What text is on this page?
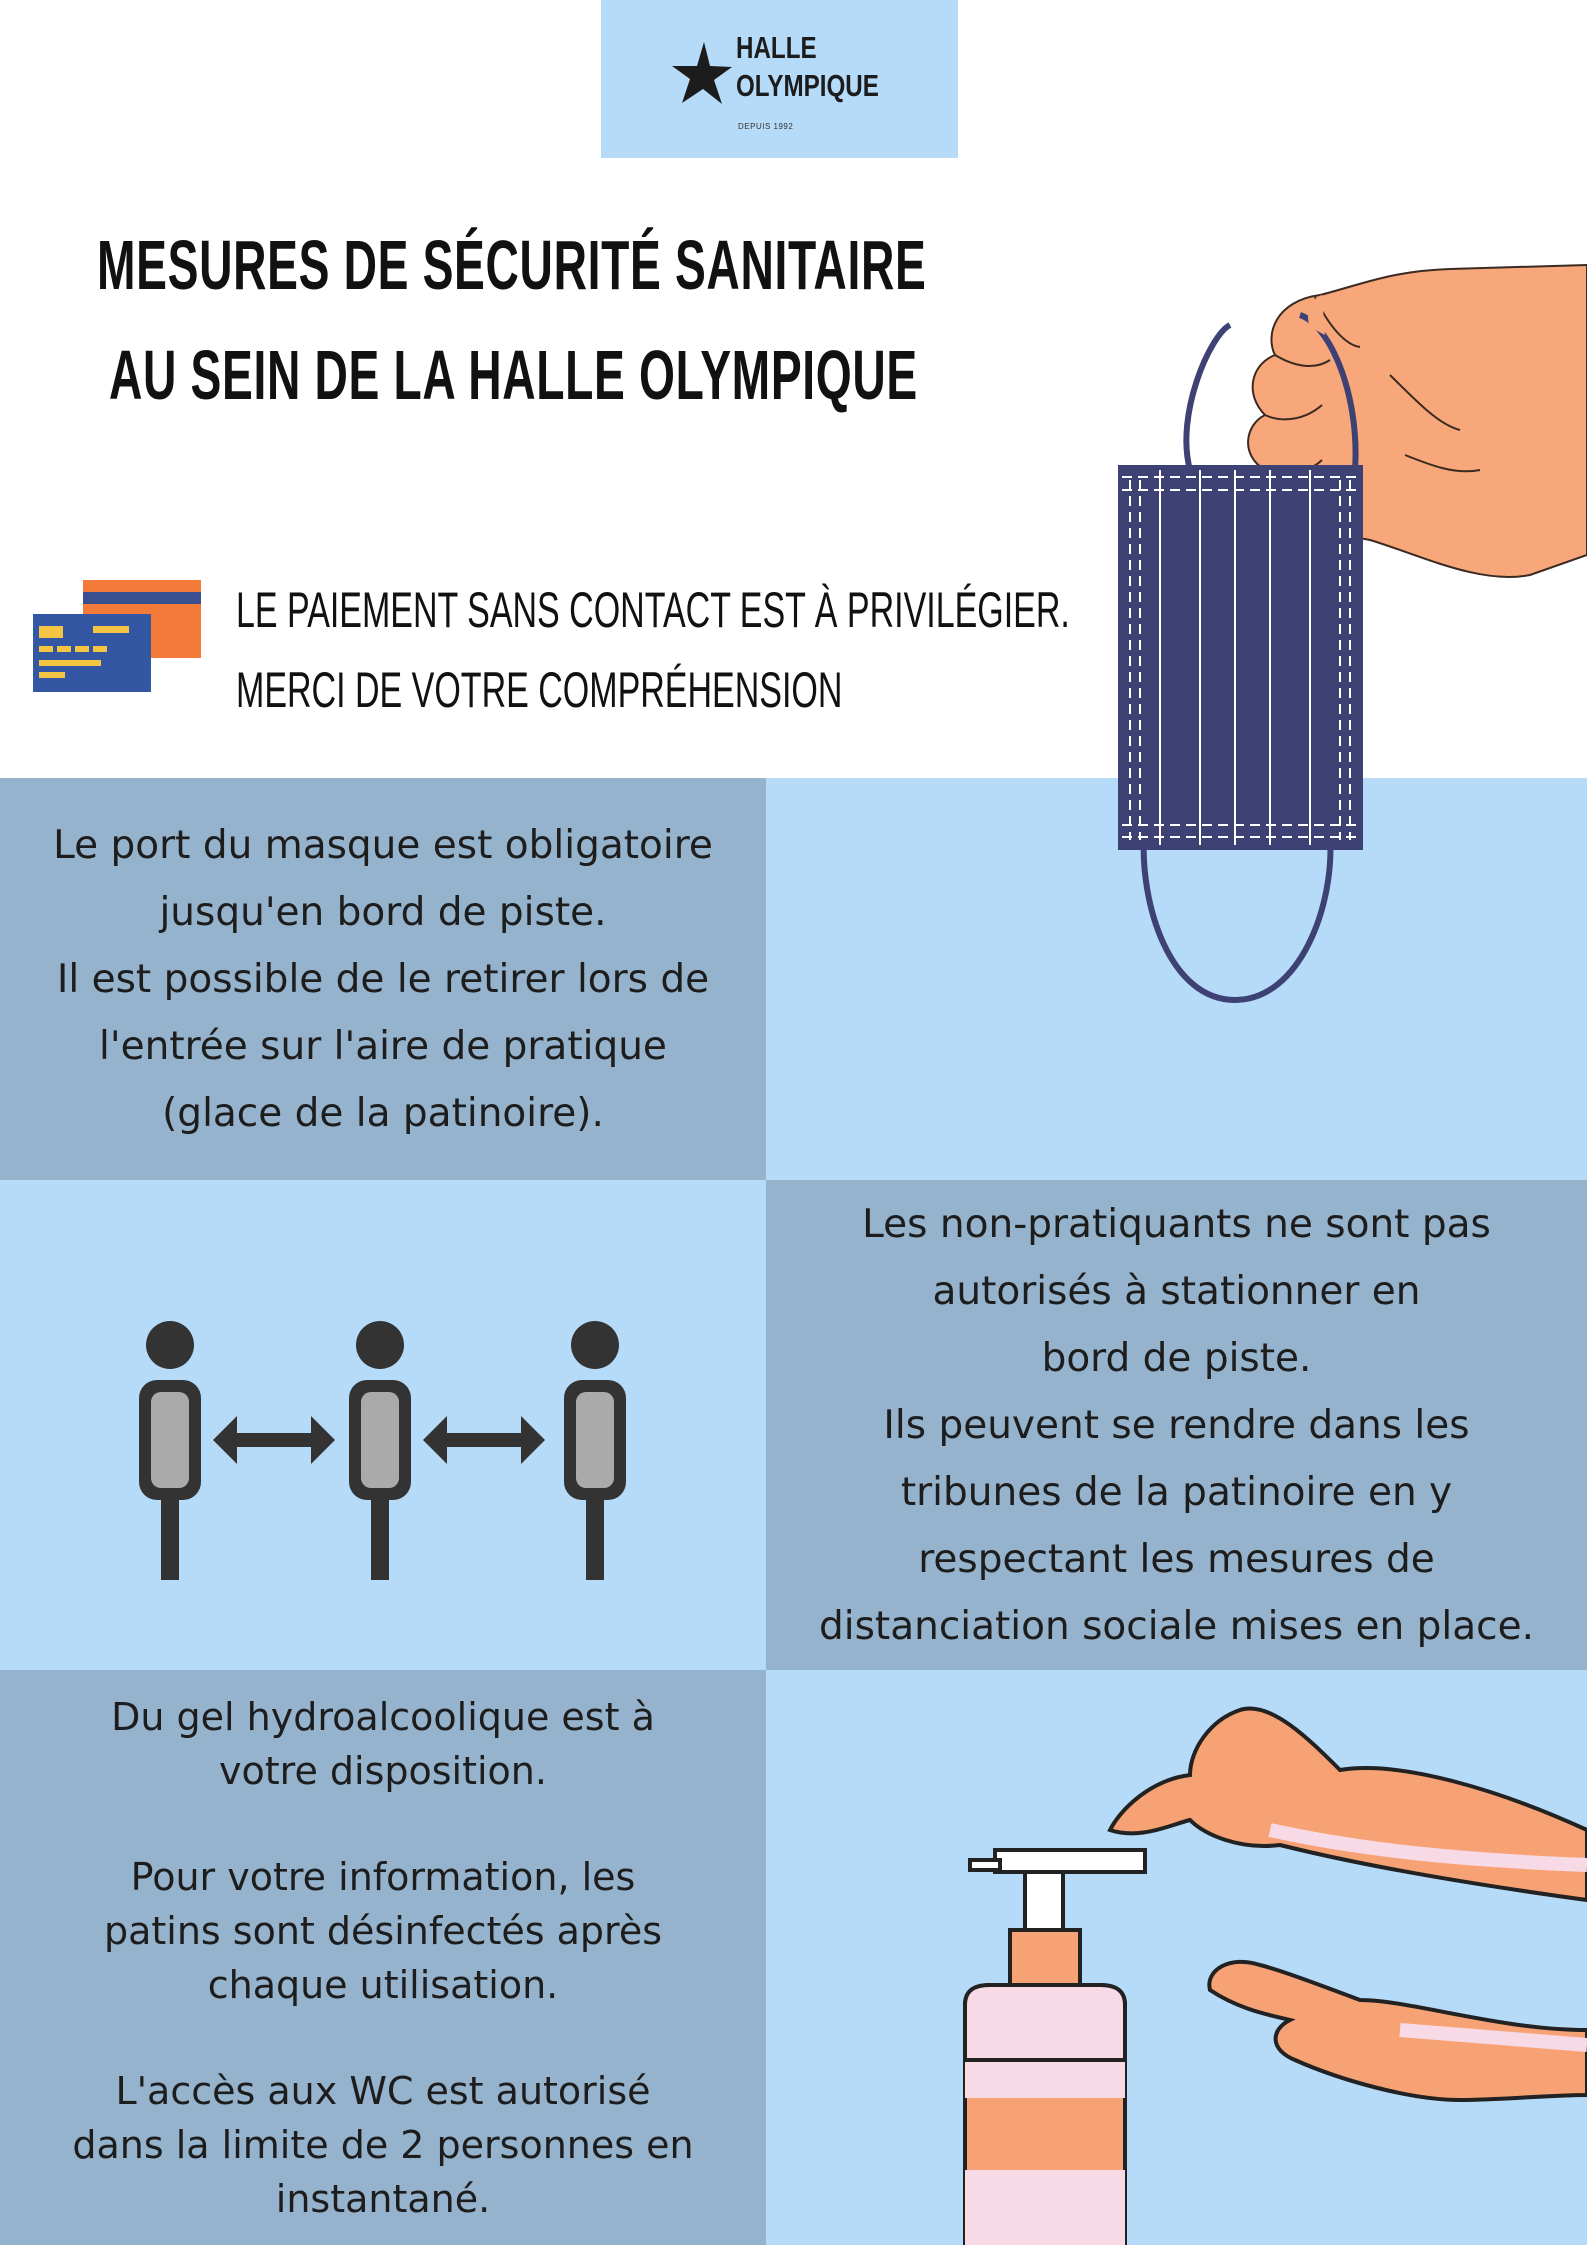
HALLE
OLYMPIQUE
DEPUIS 1992
MESURES DE SÉCURITÉ SANITAIRE
AU SEIN DE LA HALLE OLYMPIQUE
Le port du masque est obligatoire
jusqu'en bord de piste.
Il est possible de le retirer lors de
l'entrée sur l'aire de pratique
(glace de la patinoire).
Les non-pratiquants ne sont pas
autorisés à stationner en
bord de piste.
Ils peuvent se rendre dans les
tribunes de la patinoire en y
respectant les mesures de
distanciation sociale mises en place.
Du gel hydroalcoolique est à
votre disposition.
Pour votre information, les
patins sont désinfectés après
chaque utilisation.
L'accès aux WC est autorisé
dans la limite de 2 personnes en
instantané.
LE PAIEMENT SANS CONTACT EST À PRIVILÉGIER.
MERCI DE VOTRE COMPRÉHENSION
